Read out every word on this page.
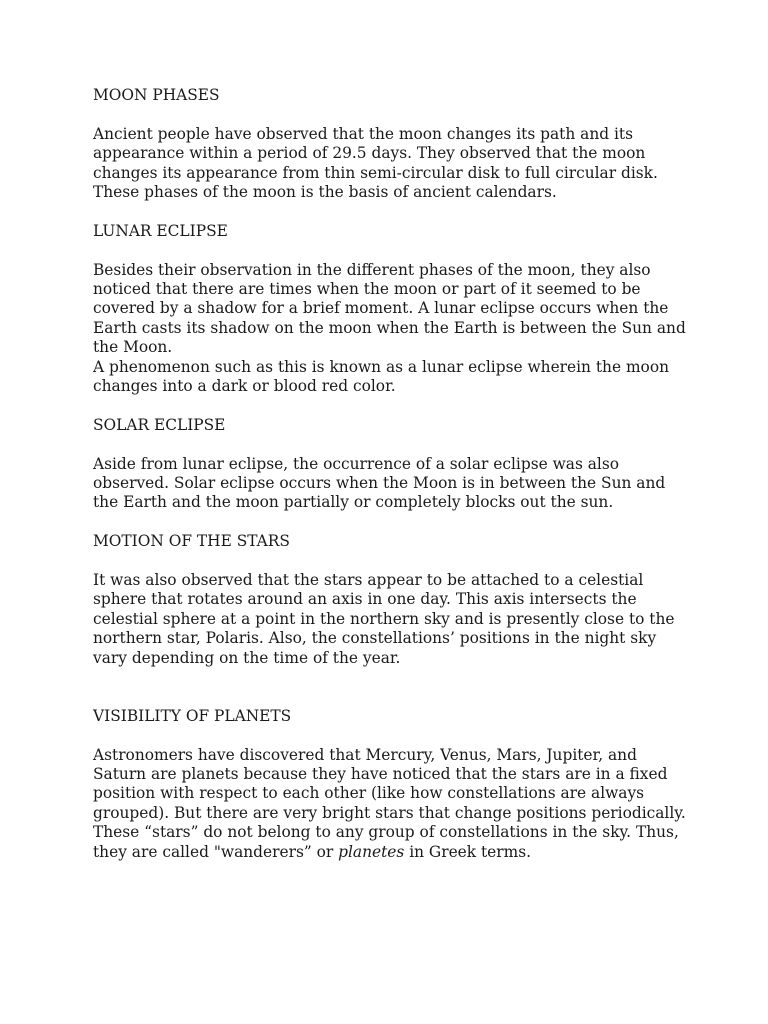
MOON PHASES

Ancient people have observed that the moon changes its path and its appearance within a period of 29.5 days. They observed that the moon changes its appearance from thin semi-circular disk to full circular disk. These phases of the moon is the basis of ancient calendars.

LUNAR ECLIPSE

Besides their observation in the different phases of the moon, they also noticed that there are times when the moon or part of it seemed to be covered by a shadow for a brief moment. A lunar eclipse occurs when the Earth casts its shadow on the moon when the Earth is between the Sun and the Moon.
A phenomenon such as this is known as a lunar eclipse wherein the moon changes into a dark or blood red color.

SOLAR ECLIPSE

Aside from lunar eclipse, the occurrence of a solar eclipse was also observed. Solar eclipse occurs when the Moon is in between the Sun and the Earth and the moon partially or completely blocks out the sun.

MOTION OF THE STARS

It was also observed that the stars appear to be attached to a celestial sphere that rotates around an axis in one day. This axis intersects the celestial sphere at a point in the northern sky and is presently close to the northern star, Polaris. Also, the constellations’ positions in the night sky vary depending on the time of the year.

VISIBILITY OF PLANETS

Astronomers have discovered that Mercury, Venus, Mars, Jupiter, and Saturn are planets because they have noticed that the stars are in a fixed position with respect to each other (like how constellations are always grouped). But there are very bright stars that change positions periodically. These “stars” do not belong to any group of constellations in the sky. Thus, they are called "wanderers” or planetes in Greek terms.
